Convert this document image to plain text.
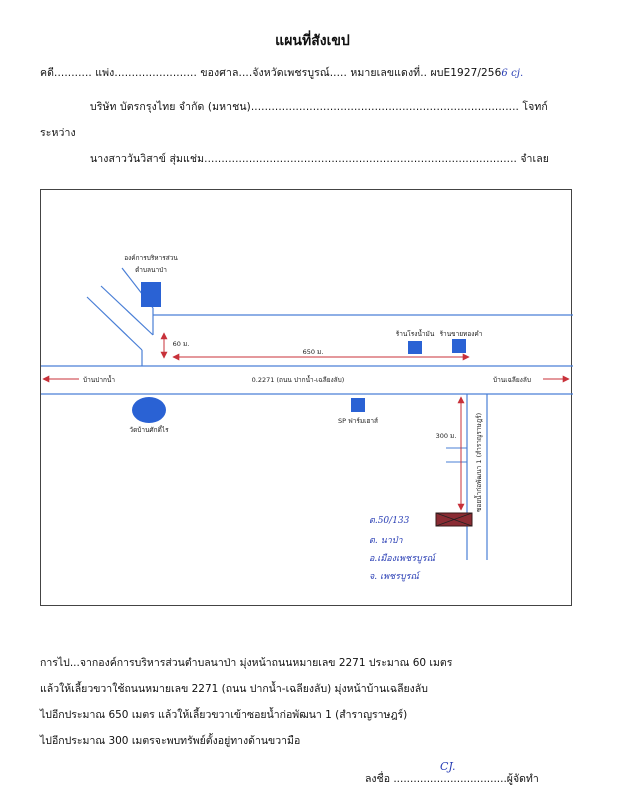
แผนที่สังเขป
คดี........... แพ่ง........................ ของศาล....จังหวัดเพชรบูรณ์..... หมายเลขแดงที่.. ผบE1927/2566 cj.
บริษัท บัตรกรุงไทย จำกัด (มหาชน).............................................................................. โจทก์
ระหว่าง
นางสาววันวิสาข์ สุ่มแช่ม........................................................................................... จำเลย
องค์การบริหารส่วน
ตำบลนาป่า
60 ม.
650 ม.
ร้านโรงน้ำมัน ร้านขายทองคำ
0.2271 (ถนน ปากน้ำ-เฉลียงลับ)
บ้านปากน้ำ	บ้านเฉลียงลับ
วัดบ้านศักดิ์ไร
SP ฟาร์มเฮาส์	ซอยน้ำก่อพัฒนา 1 (สำราญราษฎร์)
300 ม.
ต.50/133
ต. นาป่า
อ.เมืองเพชรบูรณ์
จ. เพชรบูรณ์
การไป...จากองค์การบริหารส่วนตำบลนาป่า มุ่งหน้าถนนหมายเลข 2271 ประมาณ 60 เมตร
แล้วให้เลี้ยวขวาใช้ถนนหมายเลข 2271 (ถนน ปากน้ำ-เฉลียงลับ) มุ่งหน้าบ้านเฉลียงลับ
ไปอีกประมาณ 650 เมตร แล้วให้เลี้ยวขวาเข้าซอยน้ำก่อพัฒนา 1 (สำราญราษฎร์)
ไปอีกประมาณ 300 เมตรจะพบทรัพย์ตั้งอยู่ทางด้านขวามือ
ลงชื่อ ..................................ผู้จัดทำ
CJ.
